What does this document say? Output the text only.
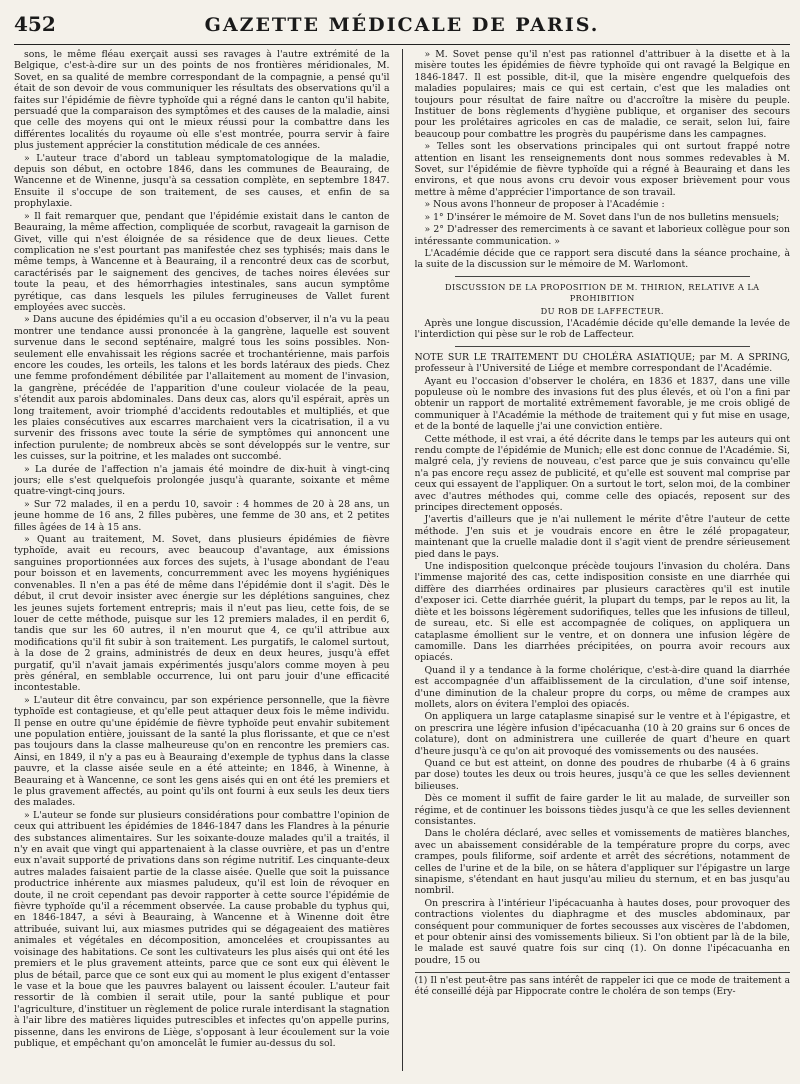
452	GAZETTE MÉDICALE DE PARIS.

sons, le même fléau exerçait aussi ses ravages à l'autre extrémité de la Belgique, c'est-à-dire sur un des points de nos frontières méridionales, M. Sovet, en sa qualité de membre correspondant de la compagnie, a pensé qu'il était de son devoir de vous communiquer les résultats des observations qu'il a faites sur l'épidémie de fièvre typhoïde qui a régné dans le canton qu'il habite, persuadé que la comparaison des symptômes et des causes de la maladie, ainsi que celle des moyens qui ont le mieux réussi pour la combattre dans les différentes localités du royaume où elle s'est montrée, pourra servir à faire plus justement apprécier la constitution médicale de ces années.

» L'auteur trace d'abord un tableau symptomatologique de la maladie, depuis son début, en octobre 1846, dans les communes de Beauraing, de Wancenne et de Winenne, jusqu'à sa cessation complète, en septembre 1847. Ensuite il s'occupe de son traitement, de ses causes, et enfin de sa prophylaxie.

» Il fait remarquer que, pendant que l'épidémie existait dans le canton de Beauraing, la même affection, compliquée de scorbut, ravageait la garnison de Givet, ville qui n'est éloignée de sa résidence que de deux lieues. Cette complication ne s'est pourtant pas manifestée chez ses typhisés; mais dans le même temps, à Wancenne et à Beauraing, il a rencontré deux cas de scorbut, caractérisés par le saignement des gencives, de taches noires élevées sur toute la peau, et des hémorrhagies intestinales, sans aucun symptôme pyrétique, cas dans lesquels les pilules ferrugineuses de Vallet furent employées avec succès.

» Dans aucune des épidémies qu'il a eu occasion d'observer, il n'a vu la peau montrer une tendance aussi prononcée à la gangrène, laquelle est souvent survenue dans le second septénaire, malgré tous les soins possibles. Non-seulement elle envahissait les régions sacrée et trochantérienne, mais parfois encore les coudes, les orteils, les talons et les bords latéraux des pieds. Chez une femme profondément débilitée par l'allaitement au moment de l'invasion, la gangrène, précédée de l'apparition d'une couleur violacée de la peau, s'étendit aux parois abdominales. Dans deux cas, alors qu'il espérait, après un long traitement, avoir triomphé d'accidents redoutables et multipliés, et que les plaies consécutives aux escarres marchaient vers la cicatrisation, il a vu survenir des frissons avec toute la série de symptômes qui annoncent une infection purulente; de nombreux abcès se sont développés sur le ventre, sur les cuisses, sur la poitrine, et les malades ont succombé.

» La durée de l'affection n'a jamais été moindre de dix-huit à vingt-cinq jours; elle s'est quelquefois prolongée jusqu'à quarante, soixante et même quatre-vingt-cinq jours.

» Sur 72 malades, il en a perdu 10, savoir : 4 hommes de 20 à 28 ans, un jeune homme de 16 ans, 2 filles pubères, une femme de 30 ans, et 2 petites filles âgées de 14 à 15 ans.

» Quant au traitement, M. Sovet, dans plusieurs épidémies de fièvre typhoïde, avait eu recours, avec beaucoup d'avantage, aux émissions sanguines proportionnées aux forces des sujets, à l'usage abondant de l'eau pour boisson et en lavements, concurremment avec les moyens hygiéniques convenables. Il n'en a pas été de même dans l'épidémie dont il s'agit. Dès le début, il crut devoir insister avec énergie sur les déplétions sanguines, chez les jeunes sujets fortement entrepris; mais il n'eut pas lieu, cette fois, de se louer de cette méthode, puisque sur les 12 premiers malades, il en perdit 6, tandis que sur les 60 autres, il n'en mourut que 4, ce qu'il attribue aux modifications qu'il fit subir à son traitement. Les purgatifs, le calomel surtout, à la dose de 2 grains, administrés de deux en deux heures, jusqu'à effet purgatif, qu'il n'avait jamais expérimentés jusqu'alors comme moyen à peu près général, en semblable occurrence, lui ont paru jouir d'une efficacité incontestable.

» L'auteur dit être convaincu, par son expérience personnelle, que la fièvre typhoïde est contagieuse, et qu'elle peut attaquer deux fois le même individu. Il pense en outre qu'une épidémie de fièvre typhoïde peut envahir subitement une population entière, jouissant de la santé la plus florissante, et que ce n'est pas toujours dans la classe malheureuse qu'on en rencontre les premiers cas. Ainsi, en 1849, il n'y a pas eu à Beauraing d'exemple de typhus dans la classe pauvre, et la classe aisée seule en a été atteinte; en 1846, à Winenne, à Beauraing et à Wancenne, ce sont les gens aisés qui en ont été les premiers et le plus gravement affectés, au point qu'ils ont fourni à eux seuls les deux tiers des malades.

» L'auteur se fonde sur plusieurs considérations pour combattre l'opinion de ceux qui attribuent les épidémies de 1846-1847 dans les Flandres à la pénurie des substances alimentaires. Sur les soixante-douze malades qu'il a traités, il n'y en avait que vingt qui appartenaient à la classe ouvrière, et pas un d'entre eux n'avait supporté de privations dans son régime nutritif. Les cinquante-deux autres malades faisaient partie de la classe aisée. Quelle que soit la puissance productrice inhérente aux miasmes paludeux, qu'il est loin de révoquer en doute, il ne croit cependant pas devoir rapporter à cette source l'épidémie de fièvre typhoïde qu'il a récemment observée. La cause probable du typhus qui, en 1846-1847, a sévi à Beauraing, à Wancenne et à Winenne doit être attribuée, suivant lui, aux miasmes putrides qui se dégageaient des matières animales et végétales en décomposition, amoncelées et croupissantes au voisinage des habitations. Ce sont les cultivateurs les plus aisés qui ont été les premiers et le plus gravement atteints, parce que ce sont eux qui élèvent le plus de bétail, parce que ce sont eux qui au moment le plus exigent d'entasser le vase et la boue que les pauvres balayent ou laissent écouler. L'auteur fait ressortir de là combien il serait utile, pour la santé publique et pour l'agriculture, d'instituer un règlement de police rurale interdisant la stagnation à l'air libre des matières liquides putrescibles et infectes qu'on appelle purins, pissenne, dans les environs de Liège, s'opposant à leur écoulement sur la voie publique, et empêchant qu'on amoncelât le fumier au-dessus du sol.

» M. Sovet pense qu'il n'est pas rationnel d'attribuer à la disette et à la misère toutes les épidémies de fièvre typhoïde qui ont ravagé la Belgique en 1846-1847. Il est possible, dit-il, que la misère engendre quelquefois des maladies populaires; mais ce qui est certain, c'est que les maladies ont toujours pour résultat de faire naître ou d'accroître la misère du peuple. Instituer de bons règlements d'hygiène publique, et organiser des secours pour les prolétaires agricoles en cas de maladie, ce serait, selon lui, faire beaucoup pour combattre les progrès du paupérisme dans les campagnes.

» Telles sont les observations principales qui ont surtout frappé notre attention en lisant les renseignements dont nous sommes redevables à M. Sovet, sur l'épidémie de fièvre typhoïde qui a régné à Beauraing et dans les environs, et que nous avons cru devoir vous exposer brièvement pour vous mettre à même d'apprécier l'importance de son travail.

» Nous avons l'honneur de proposer à l'Académie :

» 1° D'insérer le mémoire de M. Sovet dans l'un de nos bulletins mensuels;

» 2° D'adresser des remerciments à ce savant et laborieux collègue pour son intéressante communication. »

L'Académie décide que ce rapport sera discuté dans la séance prochaine, à la suite de la discussion sur le mémoire de M. Warlomont.

DISCUSSION DE LA PROPOSITION DE M. THIRION, RELATIVE A LA PROHIBITION

DU ROB DE LAFFECTEUR.

Après une longue discussion, l'Académie décide qu'elle demande la levée de l'interdiction qui pèse sur le rob de Laffecteur.

NOTE SUR LE TRAITEMENT DU CHOLÉRA ASIATIQUE; par M. A SPRING, professeur à l'Université de Liége et membre correspondant de l'Académie.

Ayant eu l'occasion d'observer le choléra, en 1836 et 1837, dans une ville populeuse où le nombre des invasions fut des plus élevés, et où l'on a fini par obtenir un rapport de mortalité extrêmement favorable, je me crois obligé de communiquer à l'Académie la méthode de traitement qui y fut mise en usage, et de la bonté de laquelle j'ai une conviction entière.

Cette méthode, il est vrai, a été décrite dans le temps par les auteurs qui ont rendu compte de l'épidémie de Munich; elle est donc connue de l'Académie. Si, malgré cela, j'y reviens de nouveau, c'est parce que je suis convaincu qu'elle n'a pas encore reçu assez de publicité, et qu'elle est souvent mal comprise par ceux qui essayent de l'appliquer. On a surtout le tort, selon moi, de la combiner avec d'autres méthodes qui, comme celle des opiacés, reposent sur des principes directement opposés.

J'avertis d'ailleurs que je n'ai nullement le mérite d'être l'auteur de cette méthode. J'en suis et je voudrais encore en être le zélé propagateur, maintenant que la cruelle maladie dont il s'agit vient de prendre sérieusement pied dans le pays.

Une indisposition quelconque précède toujours l'invasion du choléra. Dans l'immense majorité des cas, cette indisposition consiste en une diarrhée qui diffère des diarrhées ordinaires par plusieurs caractères qu'il est inutile d'exposer ici. Cette diarrhée guérit, la plupart du temps, par le repos au lit, la diète et les boissons légèrement sudorifiques, telles que les infusions de tilleul, de sureau, etc. Si elle est accompagnée de coliques, on appliquera un cataplasme émollient sur le ventre, et on donnera une infusion légère de camomille. Dans les diarrhées précipitées, on pourra avoir recours aux opiacés.

Quand il y a tendance à la forme cholérique, c'est-à-dire quand la diarrhée est accompagnée d'un affaiblissement de la circulation, d'une soif intense, d'une diminution de la chaleur propre du corps, ou même de crampes aux mollets, alors on évitera l'emploi des opiacés.

On appliquera un large cataplasme sinapisé sur le ventre et à l'épigastre, et on prescrira une légère infusion d'ipécacuanha (10 à 20 grains sur 6 onces de colature), dont on administrera une cuillerée de quart d'heure en quart d'heure jusqu'à ce qu'on ait provoqué des vomissements ou des nausées.

Quand ce but est atteint, on donne des poudres de rhubarbe (4 à 6 grains par dose) toutes les deux ou trois heures, jusqu'à ce que les selles deviennent bilieuses.

Dès ce moment il suffit de faire garder le lit au malade, de surveiller son régime, et de continuer les boissons tièdes jusqu'à ce que les selles deviennent consistantes.

Dans le choléra déclaré, avec selles et vomissements de matières blanches, avec un abaissement considérable de la température propre du corps, avec crampes, pouls filiforme, soif ardente et arrêt des sécrétions, notamment de celles de l'urine et de la bile, on se hâtera d'appliquer sur l'épigastre un large sinapisme, s'étendant en haut jusqu'au milieu du sternum, et en bas jusqu'au nombril.

On prescrira à l'intérieur l'ipécacuanha à hautes doses, pour provoquer des contractions violentes du diaphragme et des muscles abdominaux, par conséquent pour communiquer de fortes secousses aux viscères de l'abdomen, et pour obtenir ainsi des vomissements bilieux. Si l'on obtient par là de la bile, le malade est sauvé quatre fois sur cinq (1). On donne l'ipécacuanha en poudre, 15 ou

(1) Il n'est peut-être pas sans intérêt de rappeler ici que ce mode de traitement a été conseillé déjà par Hippocrate contre le choléra de son temps (Ery-
